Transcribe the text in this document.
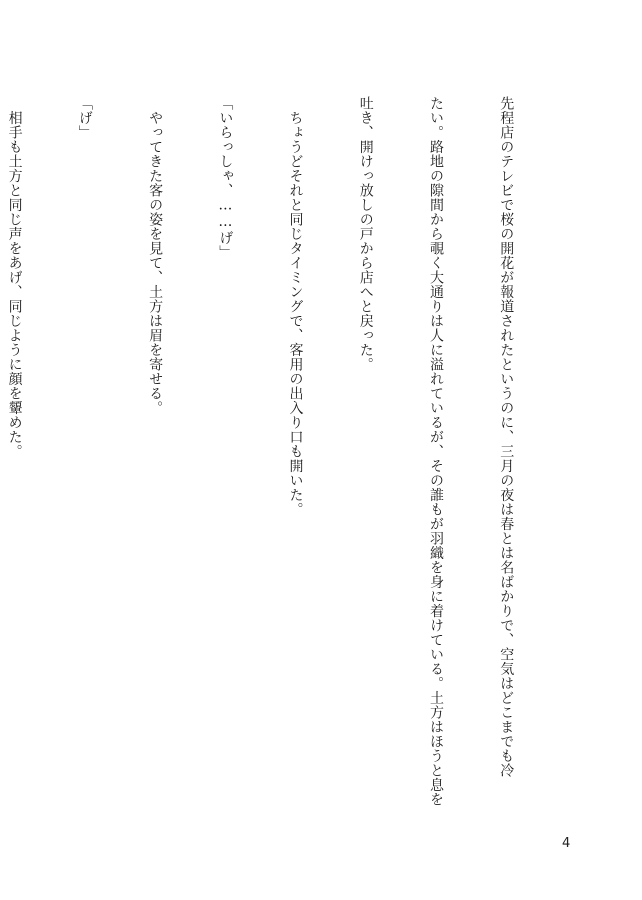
先程店のテレビで桜の開花が報道されたというのに、三月の夜は春とは名ばかりで、空気はどこまでも冷

たい。路地の隙間から覗く大通りは人に溢れているが、その誰もが羽織を身に着けている。土方はほうと息を

吐き、開けっ放しの戸から店へと戻った。

　ちょうどそれと同じタイミングで、客用の出入り口も開いた。

「いらっしゃ、……げ」

　やってきた客の姿を見て、土方は眉を寄せる。

「げ」

　相手も土方と同じ声をあげ、同じように顔を顰めた。

4
